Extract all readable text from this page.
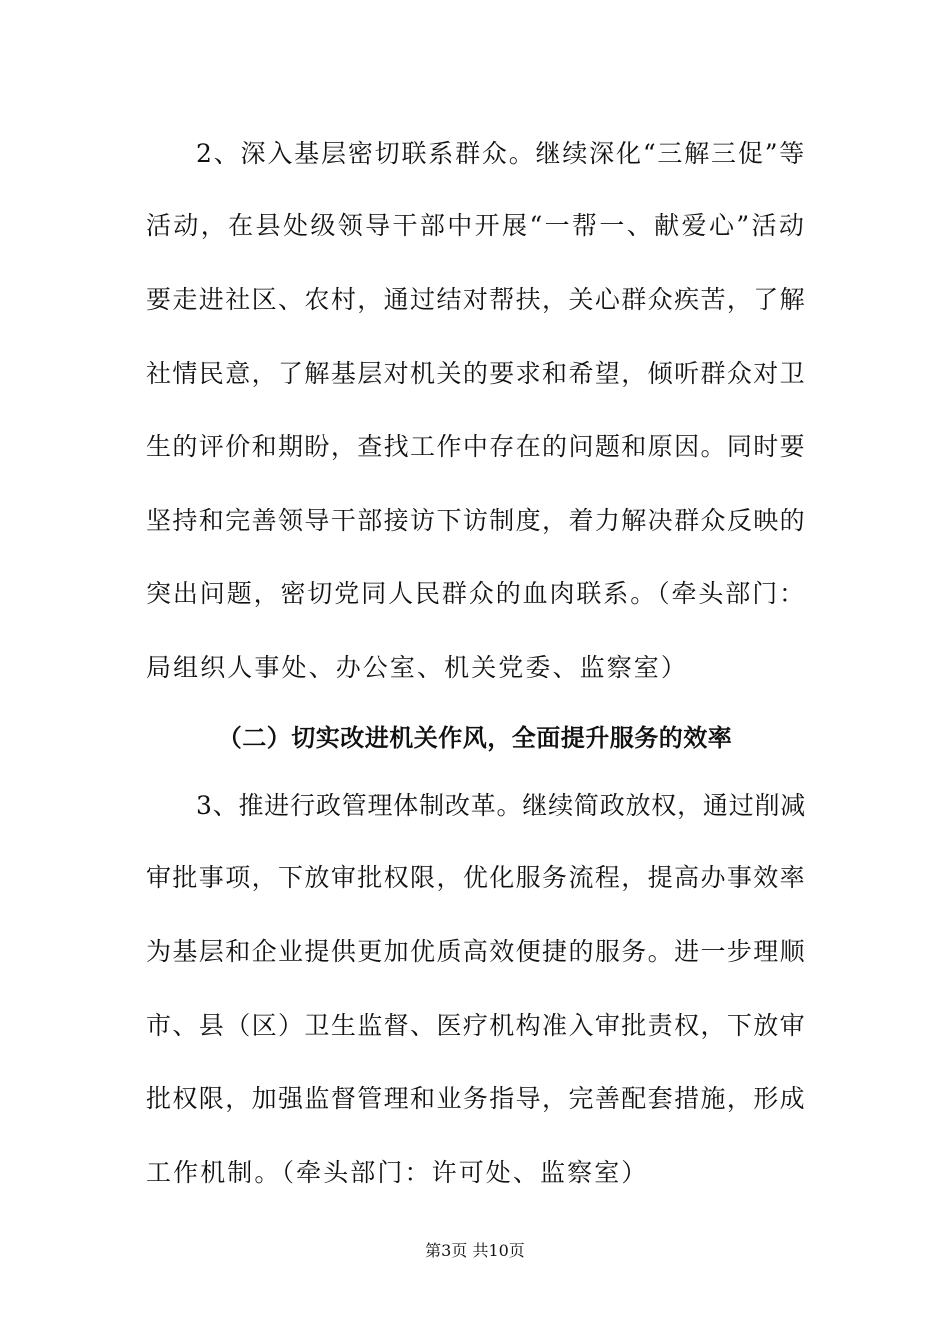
2、深入基层密切联系群众。继续深化“三解三促”等
活动，在县处级领导干部中开展“一帮一、献爱心”活动
要走进社区、农村，通过结对帮扶，关心群众疾苦，了解
社情民意，了解基层对机关的要求和希望，倾听群众对卫
生的评价和期盼，查找工作中存在的问题和原因。同时要
坚持和完善领导干部接访下访制度，着力解决群众反映的
突出问题，密切党同人民群众的血肉联系。（牵头部门：
局组织人事处、办公室、机关党委、监察室）
（二）切实改进机关作风，全面提升服务的效率
3、推进行政管理体制改革。继续简政放权，通过削减
审批事项，下放审批权限，优化服务流程，提高办事效率
为基层和企业提供更加优质高效便捷的服务。进一步理顺
市、县（区）卫生监督、医疗机构准入审批责权，下放审
批权限，加强监督管理和业务指导，完善配套措施，形成
工作机制。（牵头部门：许可处、监察室）
第3页 共10页
